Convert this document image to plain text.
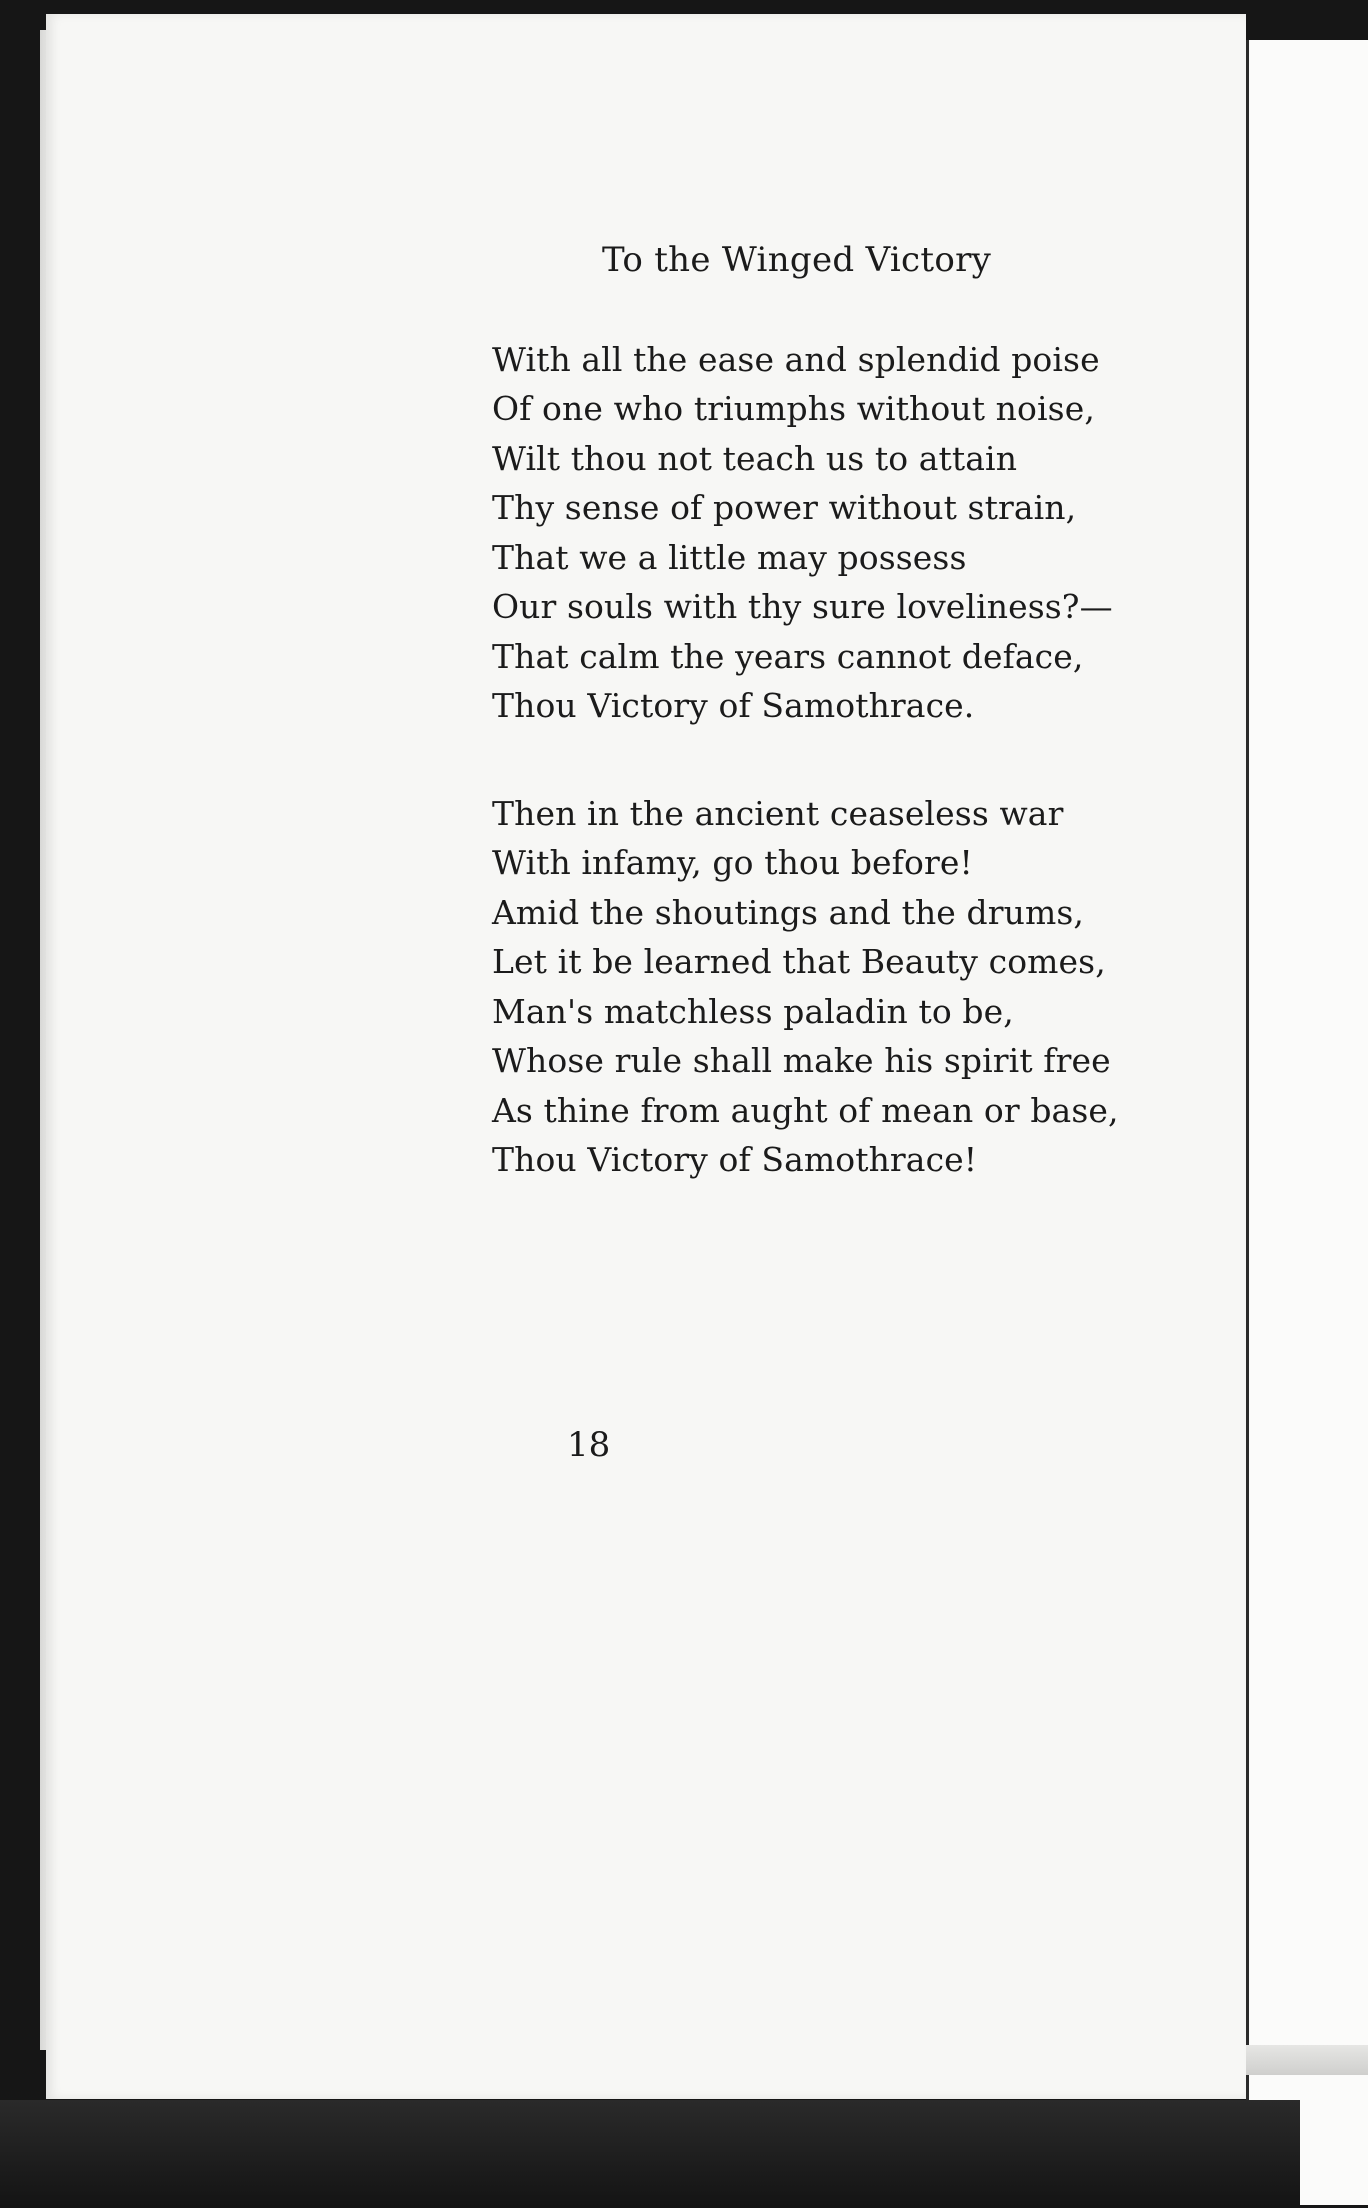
To the Winged Victory
With all the ease and splendid poise
Of one who triumphs without noise,
Wilt thou not teach us to attain
Thy sense of power without strain,
That we a little may possess
Our souls with thy sure loveliness?—
That calm the years cannot deface,
Thou Victory of Samothrace.
Then in the ancient ceaseless war
With infamy, go thou before!
Amid the shoutings and the drums,
Let it be learned that Beauty comes,
Man's matchless paladin to be,
Whose rule shall make his spirit free
As thine from aught of mean or base,
Thou Victory of Samothrace!
18
